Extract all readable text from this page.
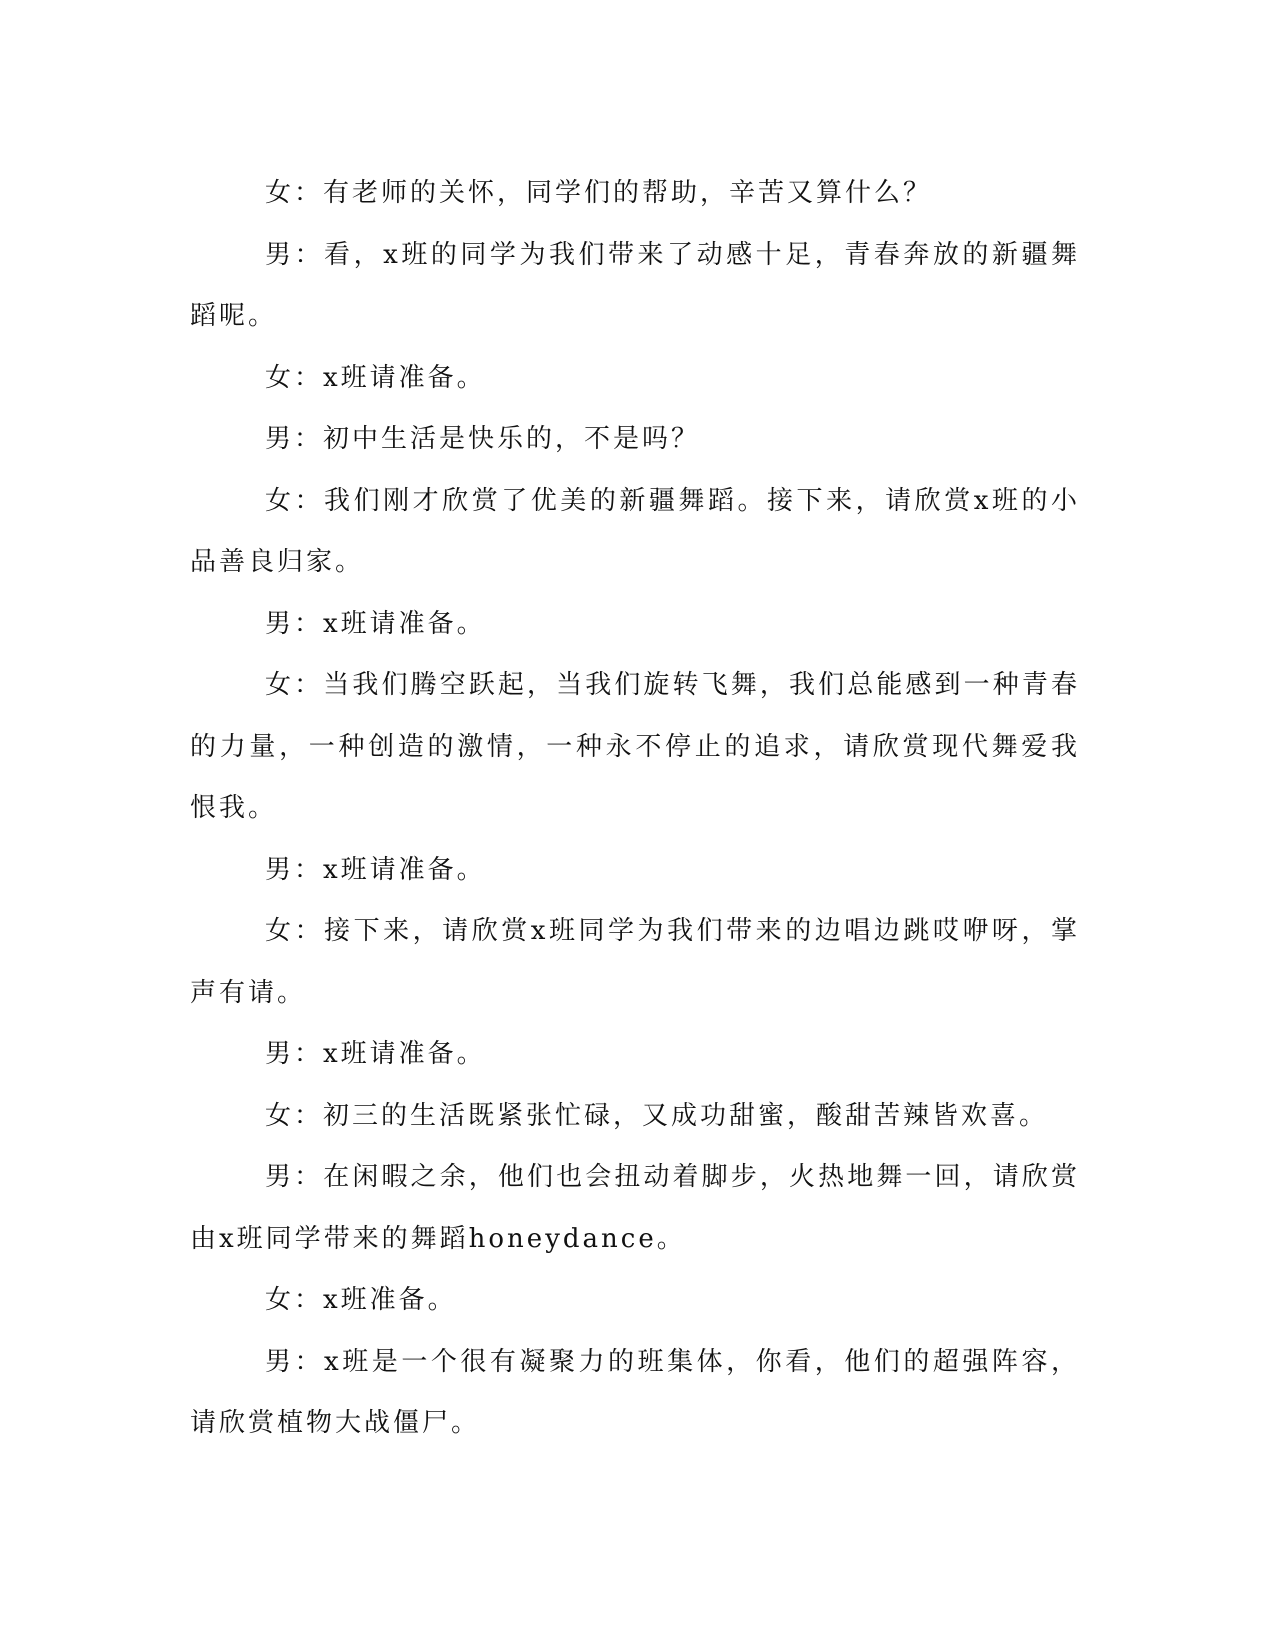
女：有老师的关怀，同学们的帮助，辛苦又算什么？

男：看，x班的同学为我们带来了动感十足，青春奔放的新疆舞蹈呢。

女：x班请准备。

男：初中生活是快乐的，不是吗？

女：我们刚才欣赏了优美的新疆舞蹈。接下来，请欣赏x班的小品善良归家。

男：x班请准备。

女：当我们腾空跃起，当我们旋转飞舞，我们总能感到一种青春的力量，一种创造的激情，一种永不停止的追求，请欣赏现代舞爱我恨我。

男：x班请准备。

女：接下来，请欣赏x班同学为我们带来的边唱边跳哎咿呀，掌声有请。

男：x班请准备。

女：初三的生活既紧张忙碌，又成功甜蜜，酸甜苦辣皆欢喜。

男：在闲暇之余，他们也会扭动着脚步，火热地舞一回，请欣赏由x班同学带来的舞蹈honeydance。

女：x班准备。

男：x班是一个很有凝聚力的班集体，你看，他们的超强阵容，请欣赏植物大战僵尸。
